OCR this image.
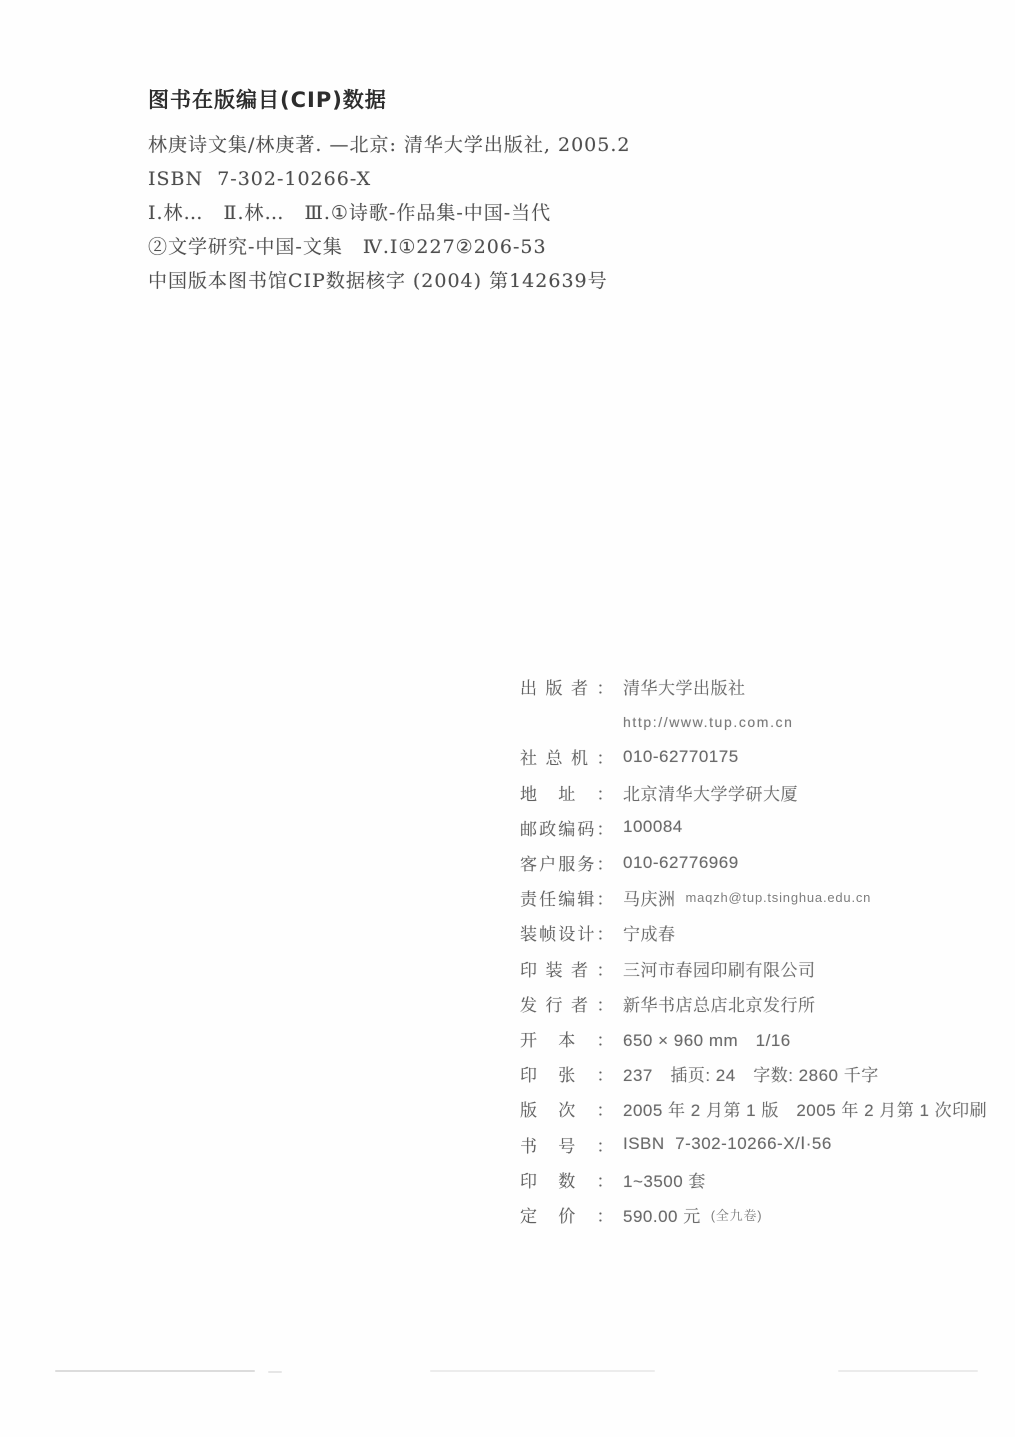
图书在版编目(CIP)数据
林庚诗文集/林庚著. —北京: 清华大学出版社, 2005.2
ISBN  7-302-10266-X
Ⅰ.林…　Ⅱ.林…　Ⅲ.①诗歌-作品集-中国-当代
②文学研究-中国-文集　Ⅳ.Ⅰ①227②206-53
中国版本图书馆CIP数据核字 (2004) 第142639号
出版者： 清华大学出版社
http://www.tup.com.cn
社总机： 010-62770175
地址： 北京清华大学学研大厦
邮政编码： 100084
客户服务： 010-62776969
责任编辑： 马庆洲 maqzh@tup.tsinghua.edu.cn
装帧设计： 宁成春
印装者： 三河市春园印刷有限公司
发行者： 新华书店总店北京发行所
开本： 650 × 960 mm　1/16
印张： 237　插页: 24　字数: 2860 千字
版次： 2005 年 2 月第 1 版　2005 年 2 月第 1 次印刷
书号： ISBN  7-302-10266-X/Ⅰ·56
印数： 1~3500 套
定价： 590.00 元 (全九卷)
